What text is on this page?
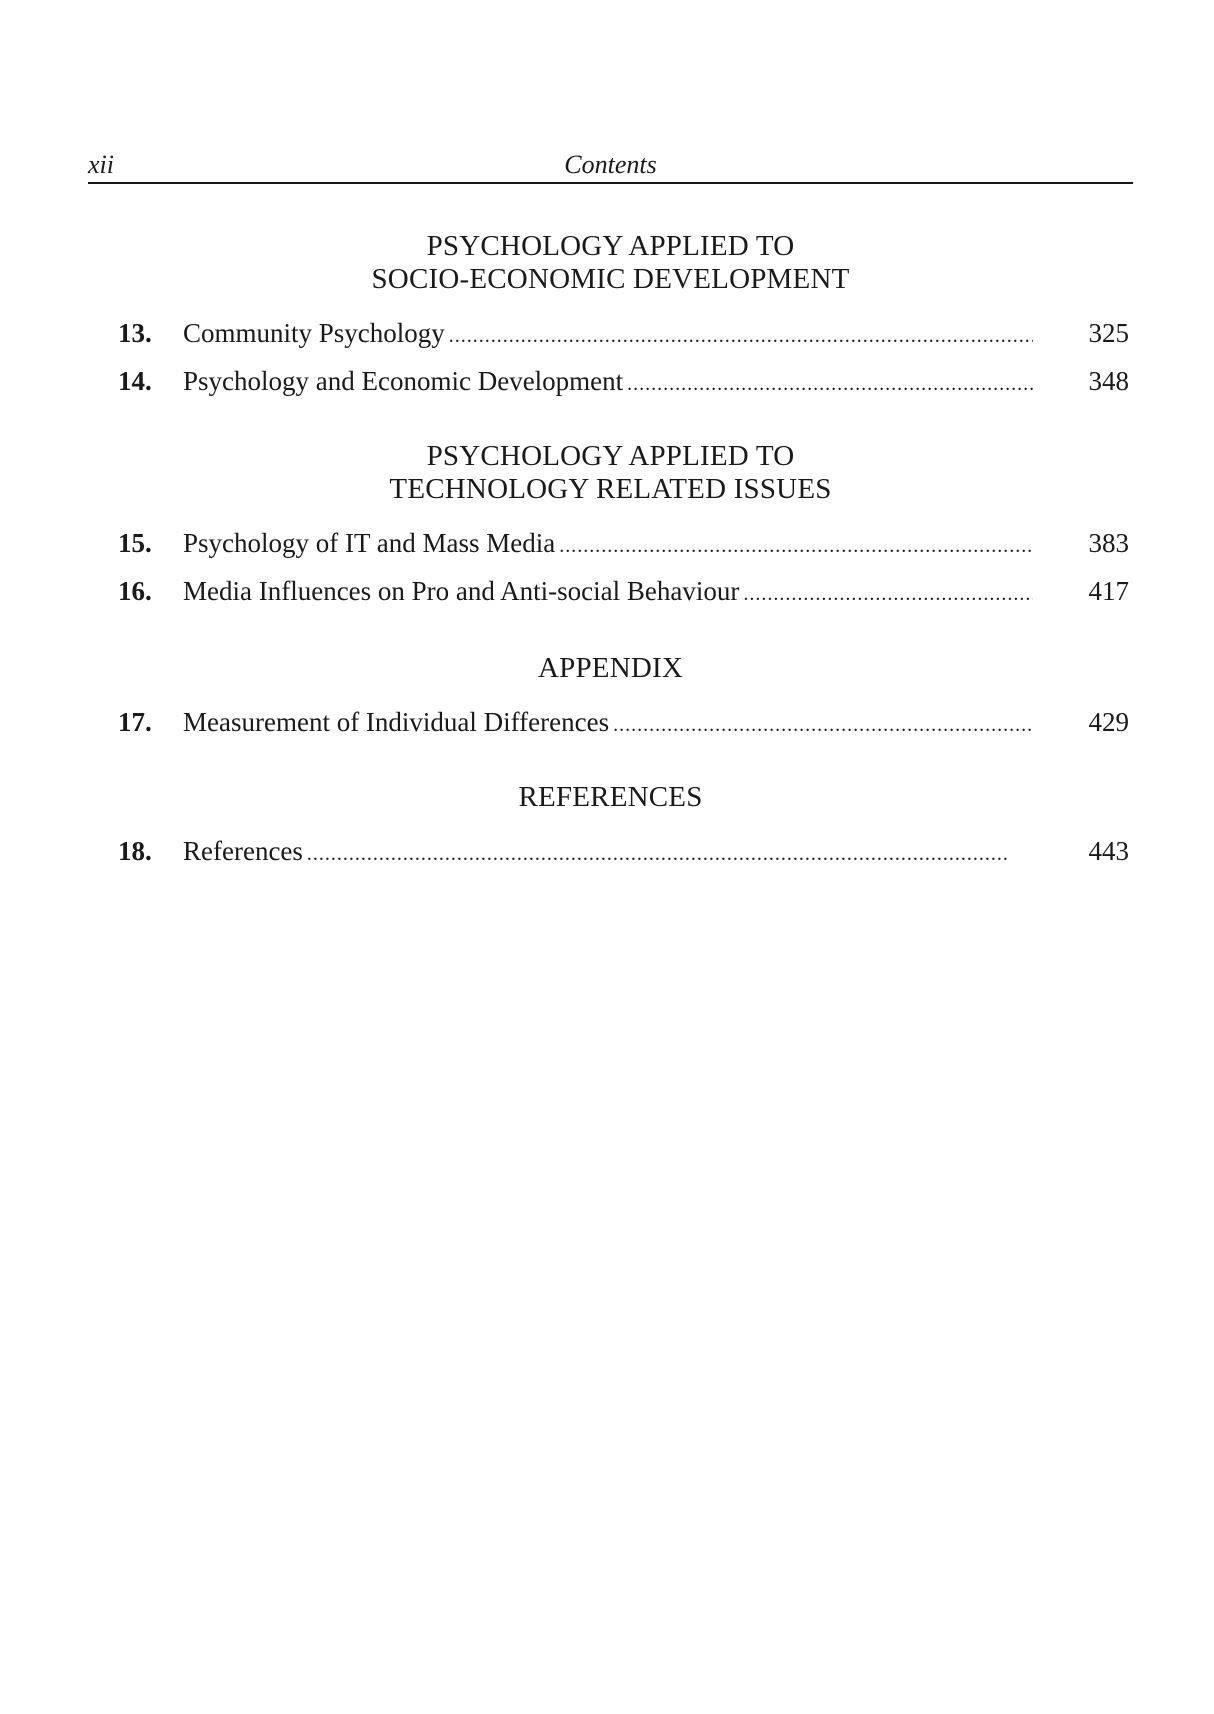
xii	Contents
PSYCHOLOGY APPLIED TO
SOCIO-ECONOMIC DEVELOPMENT
13.	Community Psychology . . .	325
14.	Psychology and Economic Development . . .	348
PSYCHOLOGY APPLIED TO
TECHNOLOGY RELATED ISSUES
15.	Psychology of IT and Mass Media . . .	383
16.	Media Influences on Pro and Anti-social Behaviour . . .	417
APPENDIX
17.	Measurement of Individual Differences . . .	429
REFERENCES
18.	References . . .	443
